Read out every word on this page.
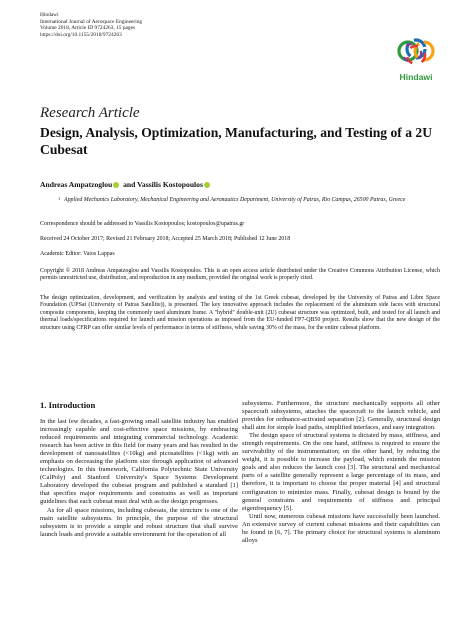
Hindawi
International Journal of Aerospace Engineering
Volume 2018, Article ID 9724263, 15 pages
https://doi.org/10.1155/2018/9724263
Hindawi
Research Article
Design, Analysis, Optimization, Manufacturing, and Testing of a 2U Cubesat
Andreas Ampatzoglou and Vassilis Kostopoulos
1 Applied Mechanics Laboratory, Mechanical Engineering and Aeronautics Department, University of Patras, Rio Campus, 26500 Patras, Greece
Correspondence should be addressed to Vassilis Kostopoulos; kostopoulos@upatras.gr
Received 24 October 2017; Revised 21 February 2018; Accepted 25 March 2018; Published 12 June 2018
Academic Editor: Vaios Lappas
Copyright © 2018 Andreas Ampatzoglou and Vassilis Kostopoulos. This is an open access article distributed under the Creative Commons Attribution License, which permits unrestricted use, distribution, and reproduction in any medium, provided the original work is properly cited.
The design optimization, development, and verification by analysis and testing of the 1st Greek cubesat, developed by the University of Patras and Libre Space Foundation (UPSat (University of Patras Satellite)), is presented. The key innovative approach includes the replacement of the aluminum side faces with structural composite components, keeping the commonly used aluminum frame. A "hybrid" double-unit (2U) cubesat structure was optimized, built, and tested for all launch and thermal loads/specifications required for launch and mission operations as imposed from the EU-funded FP7-QB50 project. Results show that the new design of the structure using CFRP can offer similar levels of performance in terms of stiffness, while saving 30% of the mass, for the entire cubesat platform.
1. Introduction

In the last few decades, a fast-growing small satellite industry has enabled increasingly capable and cost-effective space missions, by embracing reduced requirements and integrating commercial technology. Academic research has been active in this field for many years and has resulted in the development of nanosatellites (<10kg) and picosatellites (<1kg) with an emphasis on decreasing the platform size through application of advanced technologies. In this framework, California Polytechnic State University (CalPoly) and Stanford University's Space Systems Development Laboratory developed the cubesat program and published a standard [1] that specifies major requirements and constrains as well as important guidelines that each cubesat must deal with as the design progresses.

As for all space missions, including cubesats, the structure is one of the main satellite subsystems. In principle, the purpose of the structural subsystem is to provide a simple and robust structure that shall survive launch loads and provide a suitable environment for the operation of all

subsystems. Furthermore, the structure mechanically supports all other spacecraft subsystems, attaches the spacecraft to the launch vehicle, and provides for ordnance-activated separation [2]. Generally, structural design shall aim for simple load paths, simplified interfaces, and easy integration.

The design space of structural systems is dictated by mass, stiffness, and strength requirements. On the one hand, stiffness is required to ensure the survivability of the instrumentation; on the other hand, by reducing the weight, it is possible to increase the payload, which extends the mission goals and also reduces the launch cost [3]. The structural and mechanical parts of a satellite generally represent a large percentage of its mass, and therefore, it is important to choose the proper material [4] and structural configuration to minimize mass. Finally, cubesat design is bound by the general constrains and requirements of stiffness and principal eigenfrequency [5].

Until now, numerous cubesat missions have successfully been launched. An extensive survey of current cubesat missions and their capabilities can be found in [6, 7]. The primary choice for structural systems is aluminum alloys
